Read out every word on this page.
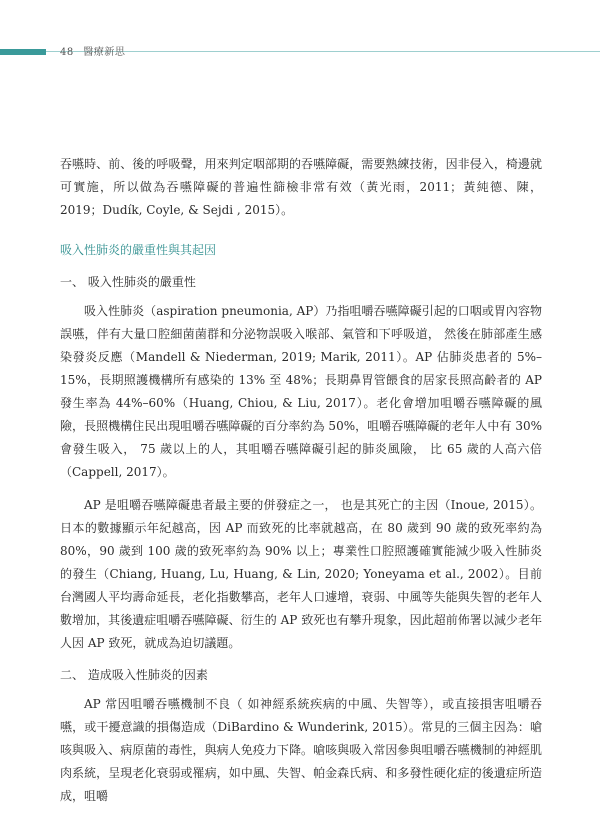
48 醫療新思

吞嚥時、前、後的呼吸聲，用來判定咽部期的吞嚥障礙，需要熟練技術，因非侵入，椅邊就可實施，所以做為吞嚥障礙的普遍性篩檢非常有效（黃光雨，2011；黃純德、陳， 2019；Dudík, Coyle, & Sejdi , 2015）。

吸入性肺炎的嚴重性與其起因
一、 吸入性肺炎的嚴重性

吸入性肺炎（aspiration pneumonia, AP）乃指咀嚼吞嚥障礙引起的口咽或胃內容物誤嚥，伴有大量口腔細菌菌群和分泌物誤吸入喉部、氣管和下呼吸道， 然後在肺部產生感染發炎反應（Mandell & Niederman, 2019; Marik, 2011）。AP 佔肺炎患者的 5%–15%，長期照護機構所有感染的 13% 至 48%；長期鼻胃管餵食的居家長照高齡者的 AP 發生率為 44%–60%（Huang, Chiou, & Liu, 2017）。老化會增加咀嚼吞嚥障礙的風險，長照機構住民出現咀嚼吞嚥障礙的百分率約為 50%，咀嚼吞嚥障礙的老年人中有 30% 會發生吸入， 75 歲以上的人，其咀嚼吞嚥障礙引起的肺炎風險， 比 65 歲的人高六倍（Cappell, 2017）。

AP 是咀嚼吞嚥障礙患者最主要的併發症之一， 也是其死亡的主因（Inoue, 2015）。日本的數據顯示年紀越高，因 AP 而致死的比率就越高，在 80 歲到 90 歲的致死率約為 80%，90 歲到 100 歲的致死率約為 90% 以上；專業性口腔照護確實能減少吸入性肺炎的發生（Chiang, Huang, Lu, Huang, & Lin, 2020; Yoneyama et al., 2002）。目前台灣國人平均壽命延長，老化指數攀高，老年人口遽增，衰弱、中風等失能與失智的老年人數增加，其後遺症咀嚼吞嚥障礙、衍生的 AP 致死也有攀升現象，因此超前佈署以減少老年人因 AP 致死，就成為迫切議題。

二、 造成吸入性肺炎的因素

AP 常因咀嚼吞嚥機制不良（ 如神經系統疾病的中風、失智等），或直接損害咀嚼吞嚥，或干擾意識的損傷造成（DiBardino & Wunderink, 2015）。常見的三個主因為：嗆咳與吸入、病原菌的毒性，與病人免疫力下降。嗆咳與吸入常因參與咀嚼吞嚥機制的神經肌肉系統，呈現老化衰弱或罹病，如中風、失智、帕金森氏病、和多發性硬化症的後遺症所造成，咀嚼
